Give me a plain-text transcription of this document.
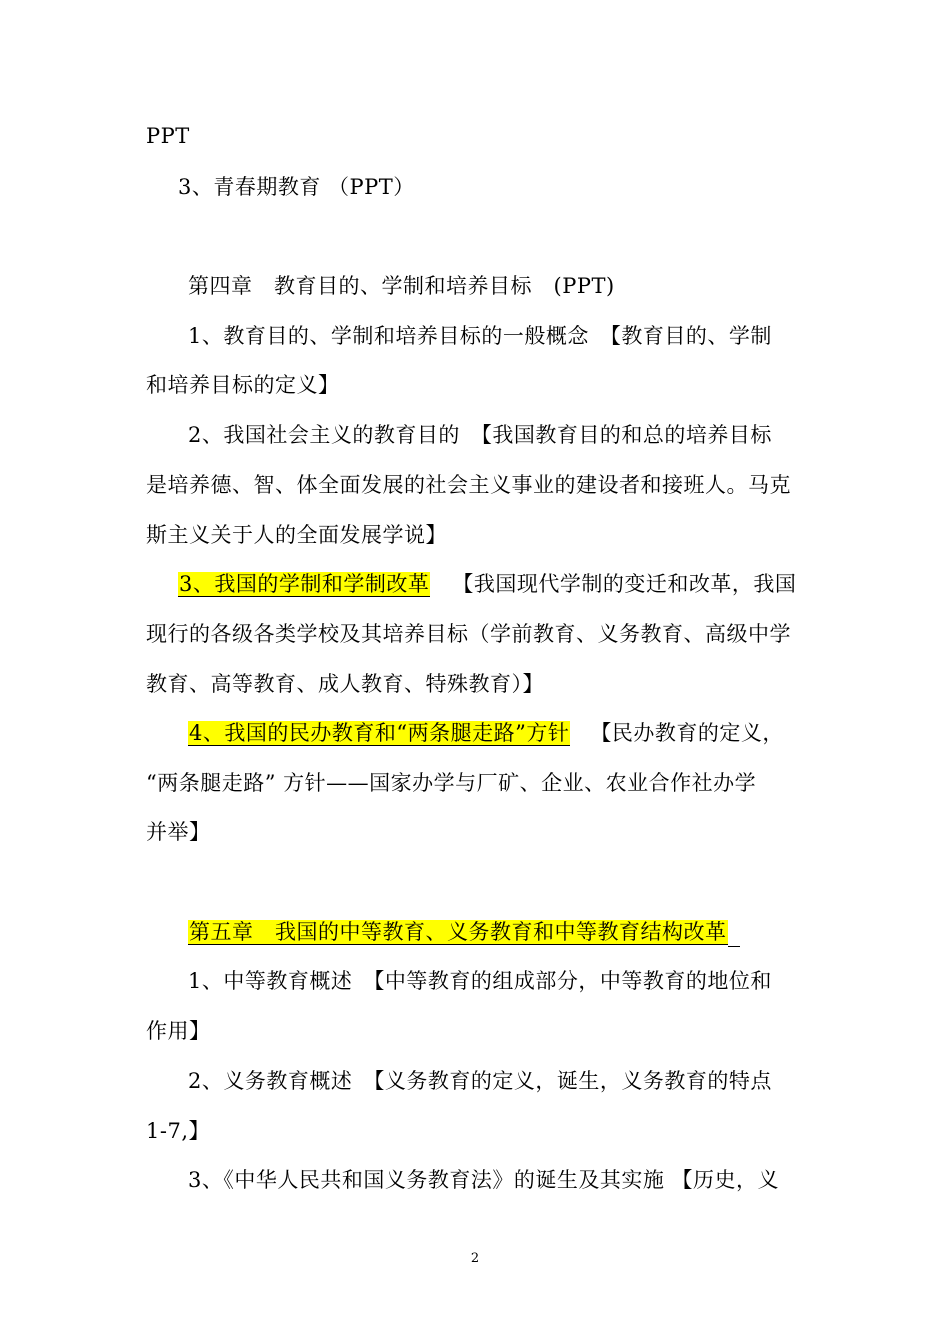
PPT
3、青春期教育 （PPT）
第四章　教育目的、学制和培养目标　(PPT)
1、教育目的、学制和培养目标的一般概念　【教育目的、学制
和培养目标的定义】
2、我国社会主义的教育目的　【我国教育目的和总的培养目标
是培养德、智、体全面发展的社会主义事业的建设者和接班人。马克
斯主义关于人的全面发展学说】
3、我国的学制和学制改革 【我国现代学制的变迁和改革，我国
现行的各级各类学校及其培养目标（学前教育、义务教育、高级中学
教育、高等教育、成人教育、特殊教育）】
4、我国的民办教育和“两条腿走路”方针 【民办教育的定义，
“两条腿走路” 方针——国家办学与厂矿、企业、农业合作社办学
并举】
第五章　我国的中等教育、义务教育和中等教育结构改革
1、中等教育概述　【中等教育的组成部分，中等教育的地位和
作用】
2、义务教育概述　【义务教育的定义，诞生，义务教育的特点
1-7,】
3、《中华人民共和国义务教育法》的诞生及其实施 【历史，义
2
